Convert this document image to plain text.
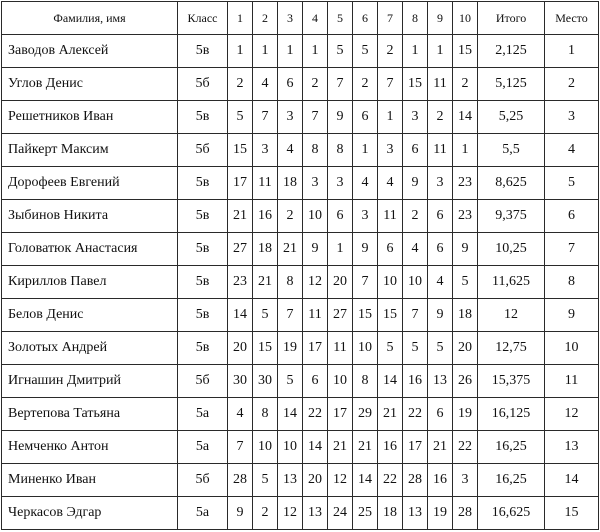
Фамилия, имя	Класс	1	2	3	4	5	6	7	8	9	10	Итого	Место
Заводов Алексей	5в	1	1	1	1	5	5	2	1	1	15	2,125	1
Углов Денис	5б	2	4	6	2	7	2	7	15	11	2	5,125	2
Решетников Иван	5в	5	7	3	7	9	6	1	3	2	14	5,25	3
Пайкерт Максим	5б	15	3	4	8	8	1	3	6	11	1	5,5	4
Дорофеев Евгений	5в	17	11	18	3	3	4	4	9	3	23	8,625	5
Зыбинов Никита	5в	21	16	2	10	6	3	11	2	6	23	9,375	6
Головатюк Анастасия	5в	27	18	21	9	1	9	6	4	6	9	10,25	7
Кириллов Павел	5в	23	21	8	12	20	7	10	10	4	5	11,625	8
Белов Денис	5в	14	5	7	11	27	15	15	7	9	18	12	9
Золотых Андрей	5в	20	15	19	17	11	10	5	5	5	20	12,75	10
Игнашин Дмитрий	5б	30	30	5	6	10	8	14	16	13	26	15,375	11
Вертепова Татьяна	5а	4	8	14	22	17	29	21	22	6	19	16,125	12
Немченко Антон	5а	7	10	10	14	21	21	16	17	21	22	16,25	13
Миненко Иван	5б	28	5	13	20	12	14	22	28	16	3	16,25	14
Черкасов Эдгар	5а	9	2	12	13	24	25	18	13	19	28	16,625	15
